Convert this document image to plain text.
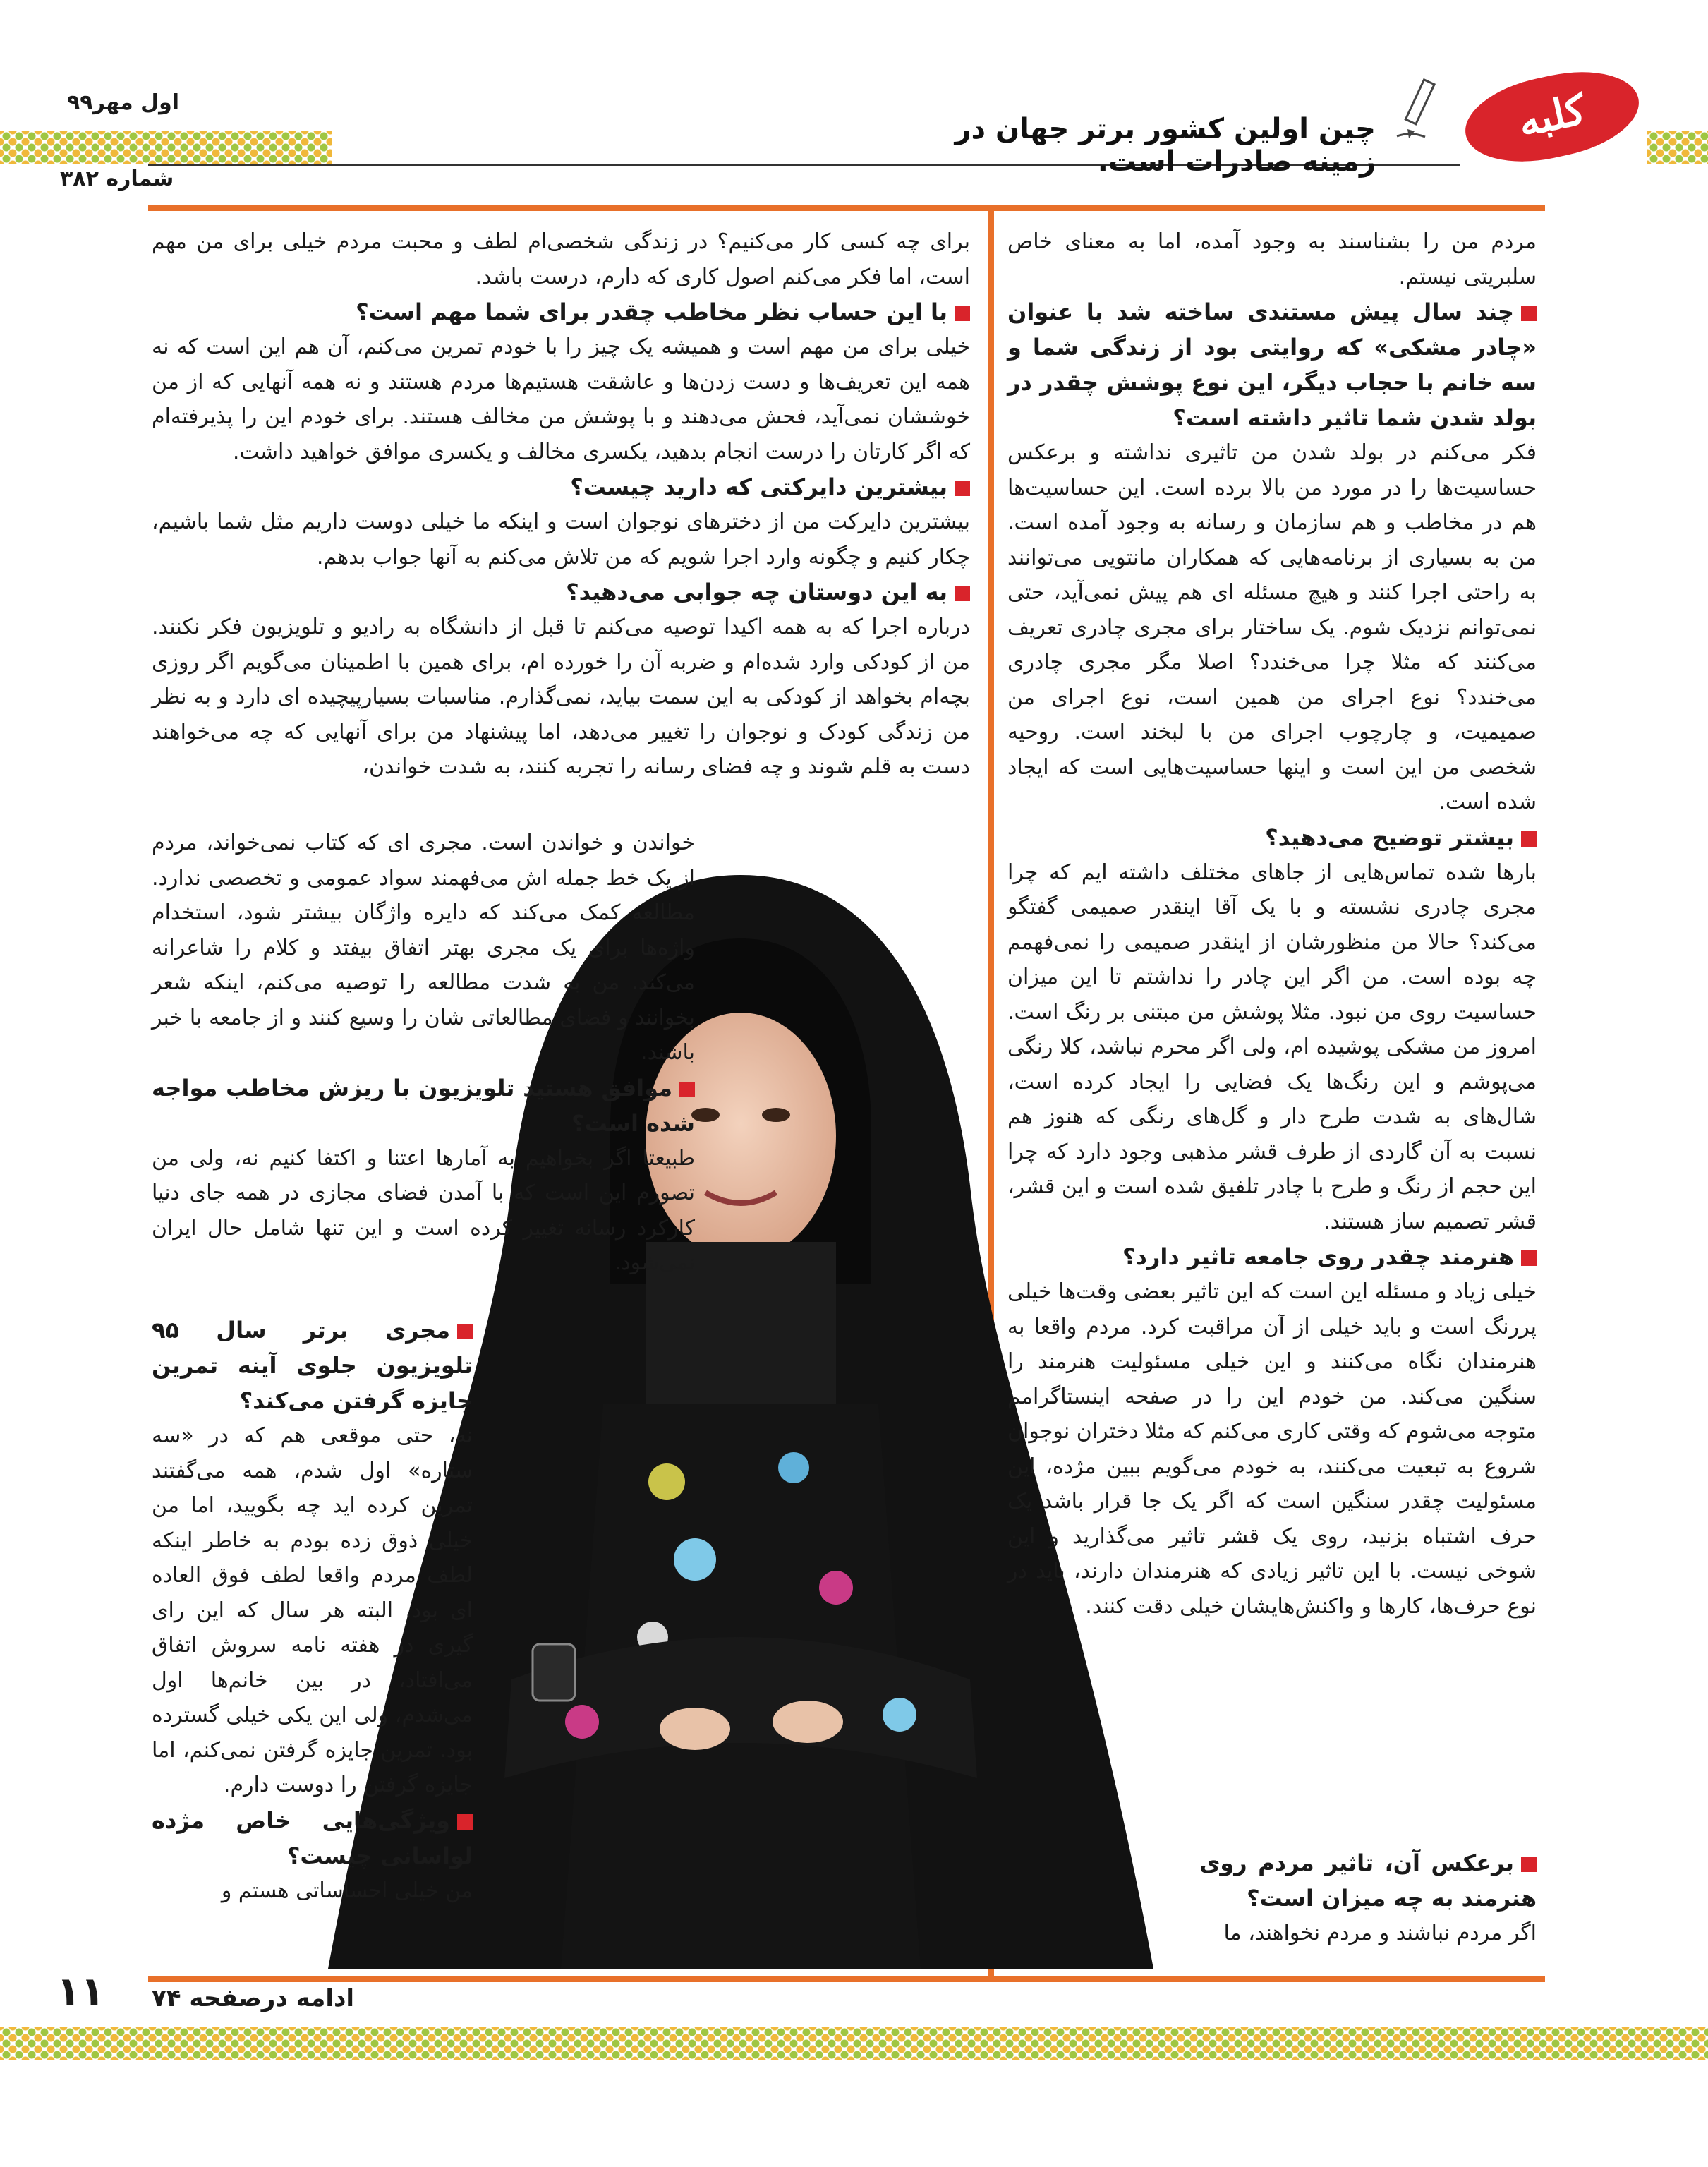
اول مهر۹۹
شماره ۳۸۲
کلبه
چین اولین کشور برتر جهان در زمینه صادرات است.

مردم من را بشناسند به وجود آمده، اما به معنای خاص سلبریتی نیستم.

چند سال پیش مستندی ساخته شد با عنوان «چادر مشکی» که روایتی بود از زندگی شما و سه خانم با حجاب دیگر، این نوع پوشش چقدر در بولد شدن شما تاثیر داشته است؟

فکر می‌کنم در بولد شدن من تاثیری نداشته و برعکس حساسیت‌ها را در مورد من بالا برده است. این حساسیت‌ها هم در مخاطب و هم سازمان و رسانه به وجود آمده است. من به بسیاری از برنامه‌هایی که همکاران مانتویی می‌توانند به راحتی اجرا کنند و هیچ مسئله ای هم پیش نمی‌آید، حتی نمی‌توانم نزدیک شوم. یک ساختار برای مجری چادری تعریف می‌کنند که مثلا چرا می‌خندد؟ اصلا مگر مجری چادری می‌خندد؟ نوع اجرای من همین است، نوع اجرای من صمیمیت، و چارچوب اجرای من با لبخند است. روحیه شخصی من این است و اینها حساسیت‌هایی است که ایجاد شده است.

بیشتر توضیح می‌دهید؟

بارها شده تماس‌هایی از جاهای مختلف داشته ایم که چرا مجری چادری نشسته و با یک آقا اینقدر صمیمی گفتگو می‌کند؟ حالا من منظورشان از اینقدر صمیمی را نمی‌فهمم چه بوده است. من اگر این چادر را نداشتم تا این میزان حساسیت روی من نبود. مثلا پوشش من مبتنی بر رنگ است. امروز من مشکی پوشیده ام، ولی اگر محرم نباشد، کلا رنگی می‌پوشم و این رنگ‌ها یک فضایی را ایجاد کرده است، شال‌های به شدت طرح دار و گل‌های رنگی که هنوز هم نسبت به آن گاردی از طرف قشر مذهبی وجود دارد که چرا این حجم از رنگ و طرح با چادر تلفیق شده است و این قشر، قشر تصمیم ساز هستند.

هنرمند چقدر روی جامعه تاثیر دارد؟

خیلی زیاد و مسئله این است که این تاثیر بعضی وقت‌ها خیلی پررنگ است و باید خیلی از آن مراقبت کرد. مردم واقعا به هنرمندان نگاه می‌کنند و این خیلی مسئولیت هنرمند را سنگین می‌کند. من خودم این را در صفحه اینستاگرامم متوجه می‌شوم که وقتی کاری می‌کنم که مثلا دختران نوجوان شروع به تبعیت می‌کنند، به خودم می‌گویم ببین مژده، این مسئولیت چقدر سنگین است که اگر یک جا قرار باشد یک حرف اشتباه بزنید، روی یک قشر تاثیر می‌گذارید و این شوخی نیست. با این تاثیر زیادی که هنرمندان دارند، باید در نوع حرف‌ها، کارها و واکنش‌هایشان خیلی دقت کنند.

برعکس آن، تاثیر مردم روی هنرمند به چه میزان است؟

اگر مردم نباشند و مردم نخواهند، ما

برای چه کسی کار می‌کنیم؟ در زندگی شخصی‌ام لطف و محبت مردم خیلی برای من مهم است، اما فکر می‌کنم اصول کاری که دارم، درست باشد.

با این حساب نظر مخاطب چقدر برای شما مهم است؟

خیلی برای من مهم است و همیشه یک چیز را با خودم تمرین می‌کنم، آن هم این است که نه همه این تعریف‌ها و دست زدن‌ها و عاشقت هستیم‌ها مردم هستند و نه همه آنهایی که از من خوششان نمی‌آید، فحش می‌دهند و با پوشش من مخالف هستند. برای خودم این را پذیرفته‌ام که اگر کارتان را درست انجام بدهید، یکسری مخالف و یکسری موافق خواهید داشت.

بیشترین دایرکتی که دارید چیست؟

بیشترین دایرکت من از دخترهای نوجوان است و اینکه ما خیلی دوست داریم مثل شما باشیم، چکار کنیم و چگونه وارد اجرا شویم که من تلاش می‌کنم به آنها جواب بدهم.

به این دوستان چه جوابی می‌دهید؟

درباره اجرا که به همه اکیدا توصیه می‌کنم تا قبل از دانشگاه به رادیو و تلویزیون فکر نکنند. من از کودکی وارد شده‌ام و ضربه آن را خورده ام، برای همین با اطمینان می‌گویم اگر روزی بچه‌ام بخواهد از کودکی به این سمت بیاید، نمی‌گذارم. مناسبات بسیارپیچیده ای دارد و به نظر من زندگی کودک و نوجوان را تغییر می‌دهد، اما پیشنهاد من برای آنهایی که چه می‌خواهند دست به قلم شوند و چه فضای رسانه را تجربه کنند، به شدت خواندن،

خواندن و خواندن است. مجری ای که کتاب نمی‌خواند، مردم از یک خط جمله اش می‌فهمند سواد عمومی و تخصصی ندارد. مطالعه کمک می‌کند که دایره واژگان بیشتر شود، استخدام واژه‌ها برای یک مجری بهتر اتفاق بیفتد و کلام را شاعرانه می‌کند. من به شدت مطالعه را توصیه می‌کنم، اینکه شعر بخوانند و فضای مطالعاتی شان را وسیع کنند و از جامعه با خبر باشند.

موافق هستید تلویزیون با ریزش مخاطب مواجه شده است؟

طبیعتا اگر بخواهیم به آمارها اعتنا و اکتفا کنیم نه، ولی من تصورم این است که با آمدن فضای مجازی در همه جای دنیا کارکرد رسانه تغییر کرده است و این تنها شامل حال ایران نمی‌شود.

مجری برتر سال ۹۵ تلویزیون جلوی آینه تمرین جایزه گرفتن می‌کند؟

نه، حتی موقعی هم که در «سه ستاره» اول شدم، همه می‌گفتند تمرین کرده اید چه بگویید، اما من خیلی ذوق زده بودم به خاطر اینکه لطف مردم واقعا لطف فوق العاده ای بود. البته هر سال که این رای گیری در هفته نامه سروش اتفاق می‌افتاد، در بین خانم‌ها اول می‌شدم، ولی این یکی خیلی گسترده بود. تمرین جایزه گرفتن نمی‌کنم، اما جایزه گرفتن را دوست دارم.

ویژگی‌هایی خاص مژده لواسانی چیست؟

من خیلی احساساتی هستم و

۱۱ ادامه درصفحه ۷۴
